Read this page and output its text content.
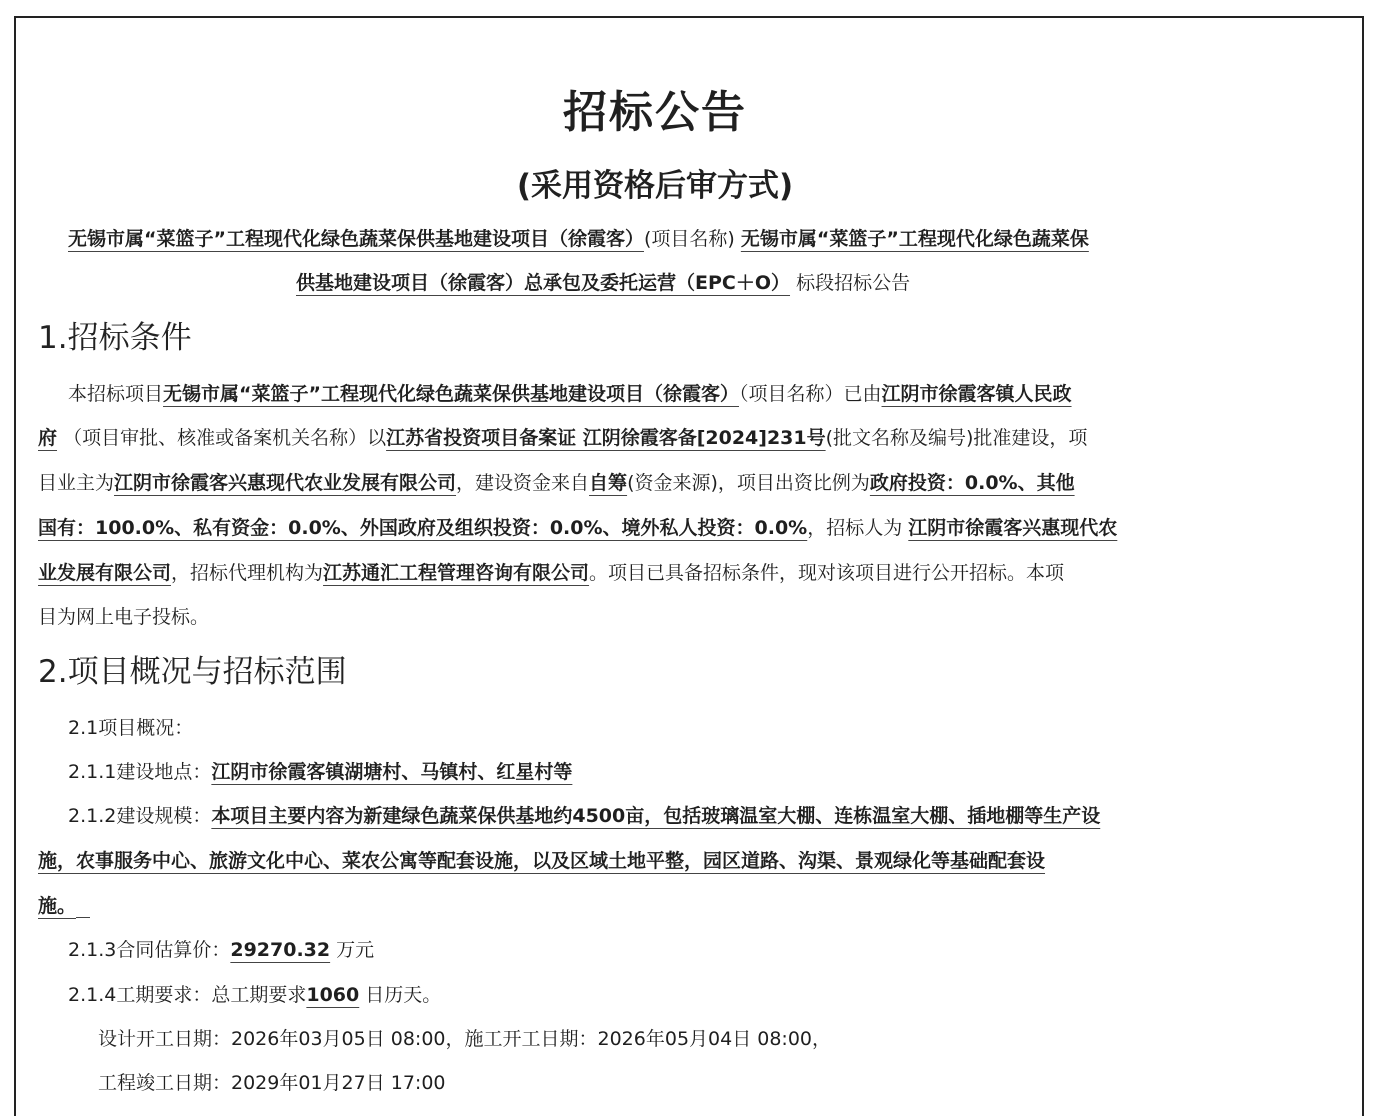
招标公告
(采用资格后审方式)
无锡市属“菜篮子”工程现代化绿色蔬菜保供基地建设项目（徐霞客）(项目名称) 无锡市属“菜篮子”工程现代化绿色蔬菜保
供基地建设项目（徐霞客）总承包及委托运营（EPC＋O） 标段招标公告
1.招标条件
本招标项目无锡市属“菜篮子”工程现代化绿色蔬菜保供基地建设项目（徐霞客）（项目名称）已由江阴市徐霞客镇人民政
府 （项目审批、核准或备案机关名称）以江苏省投资项目备案证 江阴徐霞客备[2024]231号(批文名称及编号)批准建设，项
目业主为江阴市徐霞客兴惠现代农业发展有限公司，建设资金来自自筹(资金来源)，项目出资比例为政府投资：0.0%、其他
国有：100.0%、私有资金：0.0%、外国政府及组织投资：0.0%、境外私人投资：0.0%，招标人为 江阴市徐霞客兴惠现代农
业发展有限公司，招标代理机构为江苏通汇工程管理咨询有限公司。项目已具备招标条件，现对该项目进行公开招标。本项
目为网上电子投标。
2.项目概况与招标范围
2.1项目概况：
2.1.1建设地点：江阴市徐霞客镇湖塘村、马镇村、红星村等
2.1.2建设规模：本项目主要内容为新建绿色蔬菜保供基地约4500亩，包括玻璃温室大棚、连栋温室大棚、插地棚等生产设
施，农事服务中心、旅游文化中心、菜农公寓等配套设施，以及区域土地平整，园区道路、沟渠、景观绿化等基础配套设
施。
2.1.3合同估算价：29270.32 万元
2.1.4工期要求：总工期要求1060 日历天。
设计开工日期：2026年03月05日 08:00，施工开工日期：2026年05月04日 08:00，
工程竣工日期：2029年01月27日 17:00
